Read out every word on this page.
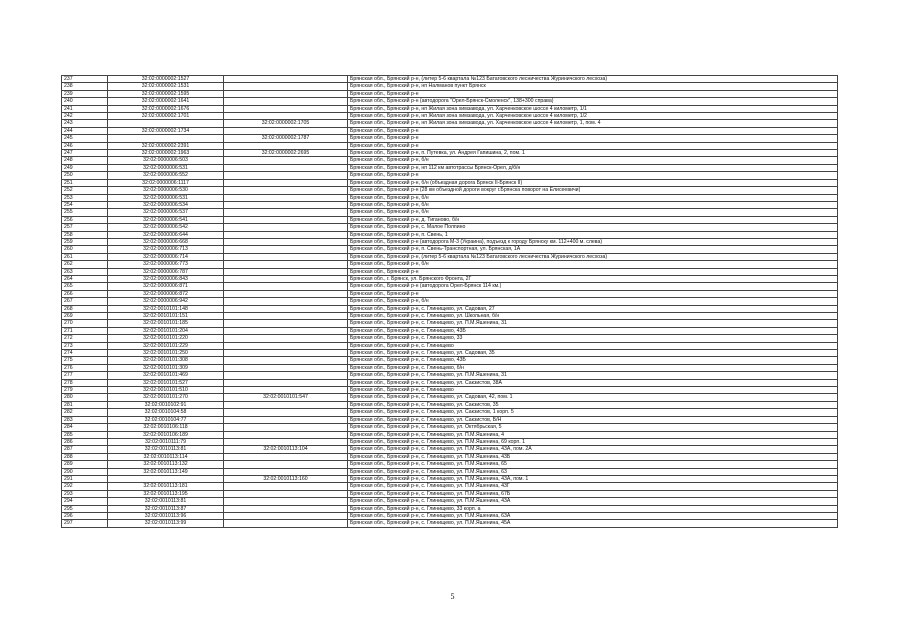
237	32:02:0000002:1527		Брянская обл., Брянский р-н, (литер 5-6 квартала №123 Батаговского лесничества Журиничского лесхоза)
238	32:02:0000002:1531		Брянская обл., Брянский р-н, нп Налманов пункт Брянск
239	32:02:0000002:1595		Брянская обл., Брянский р-н
240	32:02:0000002:1641		Брянская обл., Брянский р-н (автодорога "Орел-Брянск-Смоленск", 138+300 справа)
241	32:02:0000002:1676		Брянская обл., Брянский р-н, нп Жилая зона химзавода, ул. Харченковское шоссе 4 километр, 1/1
242	32:02:0000002:1701		Брянская обл., Брянский р-н, нп Жилая зона химзавода, ул. Харченковское шоссе 4 километр, 1/2
243		32:02:0000002:1705	Брянская обл., Брянский р-н, нп Жилая зона химзавода, ул. Харченковское шоссе 4 километр, 1, пом. 4
244	32:02:0000002:1734		Брянская обл., Брянский р-н
245		32:02:0000002:1787	Брянская обл., Брянский р-н
246	32:02:0000002:2391		Брянская обл., Брянский р-н
247	32:02:0000002:1963	32:02:0000002:2695	Брянская обл., Брянский р-н, п. Путевка, ул. Андрея Гапишина, 2, пом. 1
248	32:02:0000006:503		Брянская обл., Брянский р-н, б/н
249	32:02:0000006:531		Брянская обл., Брянский р-н, нп 112 км автотрассы Брянск-Орел, д/б/н
250	32:02:0000006:552		Брянская обл., Брянский р-н
251	32:02:0000006:1117		Брянская обл., Брянский р-н, б/н (объездная дорога Брянск II-Брянск II)
252	32:02:0000006:530		Брянская обл., Брянский р-н (28 км объездной дороги вокруг г.Брянска поворот на Елисеевичи)
253	32:02:0000006:531		Брянская обл., Брянский р-н, б/н
254	32:02:0000006:534		Брянская обл., Брянский р-н, б/н
255	32:02:0000006:537		Брянская обл., Брянский р-н, б/н
256	32:02:0000006:541		Брянская обл., Брянский р-н, д. Тиганово, б/н
257	32:02:0000006:542		Брянская обл., Брянский р-н, с. Малое Полпино
258	32:02:0000006:644		Брянская обл., Брянский р-н, п. Свень, 1
259	32:02:0000006:668		Брянская обл., Брянский р-н (автодорога М-3 (Украина), подъезд к городу Брянску км. 112+400 м. слева)
260	32:02:0000006:713		Брянская обл., Брянский р-н, п. Свень-Транспортная, ул. Брянская, 1А
261	32:02:0000006:714		Брянская обл., Брянский р-н, (литер 5-6 квартала №123 Батаговского лесничества Журиничского лесхоза)
262	32:02:0000006:773		Брянская обл., Брянский р-н, б/н
263	32:02:0000006:787		Брянская обл., Брянский р-н
264	32:02:0000006:843		Брянская обл., г. Брянск, ул. Брянского Фронта, 2Г
265	32:02:0000006:871		Брянская обл., Брянский р-н (автодорога Орел-Брянск 114 км.)
266	32:02:0000006:872		Брянская обл., Брянский р-н
267	32:02:0000006:942		Брянская обл., Брянский р-н, б/н
268	32:02:0010101:148		Брянская обл., Брянский р-н, с. Глинищево, ул. Садовая, 27
269	32:02:0010101:151		Брянская обл., Брянский р-н, с. Глинищево, ул. Школьная, б/н
270	32:02:0010101:185		Брянская обл., Брянский р-н, с. Глинищево, ул. П.М.Яшенина, 31
271	32:02:0010101:204		Брянская обл., Брянский р-н, с. Глинищево, 43Б
272	32:02:0010101:220		Брянская обл., Брянский р-н, с. Глинищево, 33
273	32:02:0010101:229		Брянская обл., Брянский р-н, с. Глинищево
274	32:02:0010101:250		Брянская обл., Брянский р-н, с. Глинищево, ул. Садовая, 35
275	32:02:0010101:308		Брянская обл., Брянский р-н, с. Глинищево, 43Б
276	32:02:0010101:309		Брянская обл., Брянский р-н, с. Глинищево, б/н
277	32:02:0010101:469		Брянская обл., Брянский р-н, с. Глинищево, ул. П.М.Яшенина, 31
278	32:02:0010101:527		Брянская обл., Брянский р-н, с. Глинищево, ул. Сакзистов, 38А
279	32:02:0010101:510		Брянская обл., Брянский р-н, с. Глинищево
280	32:02:0010101:270	32:02:0010101:547	Брянская обл., Брянский р-н, с. Глинищево, ул. Садовая, 42, пом. 1
281	32:02:0010102:91		Брянская обл., Брянский р-н, с. Глинищево, ул. Сакзистов, 35
282	32:02:0010104:58		Брянская обл., Брянский р-н, с. Глинищево, ул. Сакзистов, 1 корп. 5
283	32:02:0010104:77		Брянская обл., Брянский р-н, с. Глинищево, ул. Сакзистов, Б/Н
284	32:02:0010106:118		Брянская обл., Брянский р-н, с. Глинищево, ул. Октябрьская, 5
285	32:02:0010106:189		Брянская обл., Брянский р-н, с. Глинищево, ул. П.М.Яшенина, 4
286	32:02:0010111:79		Брянская обл., Брянский р-н, с. Глинищево, ул. П.М.Яшенина, 69 корп. 1
287	32:02:0010113:81	32:02:0010113:104	Брянская обл., Брянский р-н, с. Глинищево, ул. П.М.Яшенина, 43А, пом. 2А
288	32:02:0010113:114		Брянская обл., Брянский р-н, с. Глинищево, ул. П.М.Яшенина, 43Б
289	32:02:0010113:132		Брянская обл., Брянский р-н, с. Глинищево, ул. П.М.Яшенина, 65
290	32:02:0010113:149		Брянская обл., Брянский р-н, с. Глинищево, ул. П.М.Яшенина, 63
291		32:02:0010113:160	Брянская обл., Брянский р-н, с. Глинищево, ул. П.М.Яшенина, 43А, пом. 1
292	32:02:0010113:181		Брянская обл., Брянский р-н, с. Глинищево, ул. П.М.Яшенина, 43Г
293	32:02:0010113:195		Брянская обл., Брянский р-н, с. Глинищево, ул. П.М.Яшенина, 67Б
294	32:02:0010113:81		Брянская обл., Брянский р-н, с. Глинищево, ул. П.М.Яшенина, 43А
295	32:02:0010113:87		Брянская обл., Брянский р-н, с. Глинищево, 33 корп. а
296	32:02:0010113:96		Брянская обл., Брянский р-н, с. Глинищево, ул. П.М.Яшенина, 63А
297	32:02:0010113:99		Брянская обл., Брянский р-н, с. Глинищево, ул. П.М.Яшенина, 45А
5
